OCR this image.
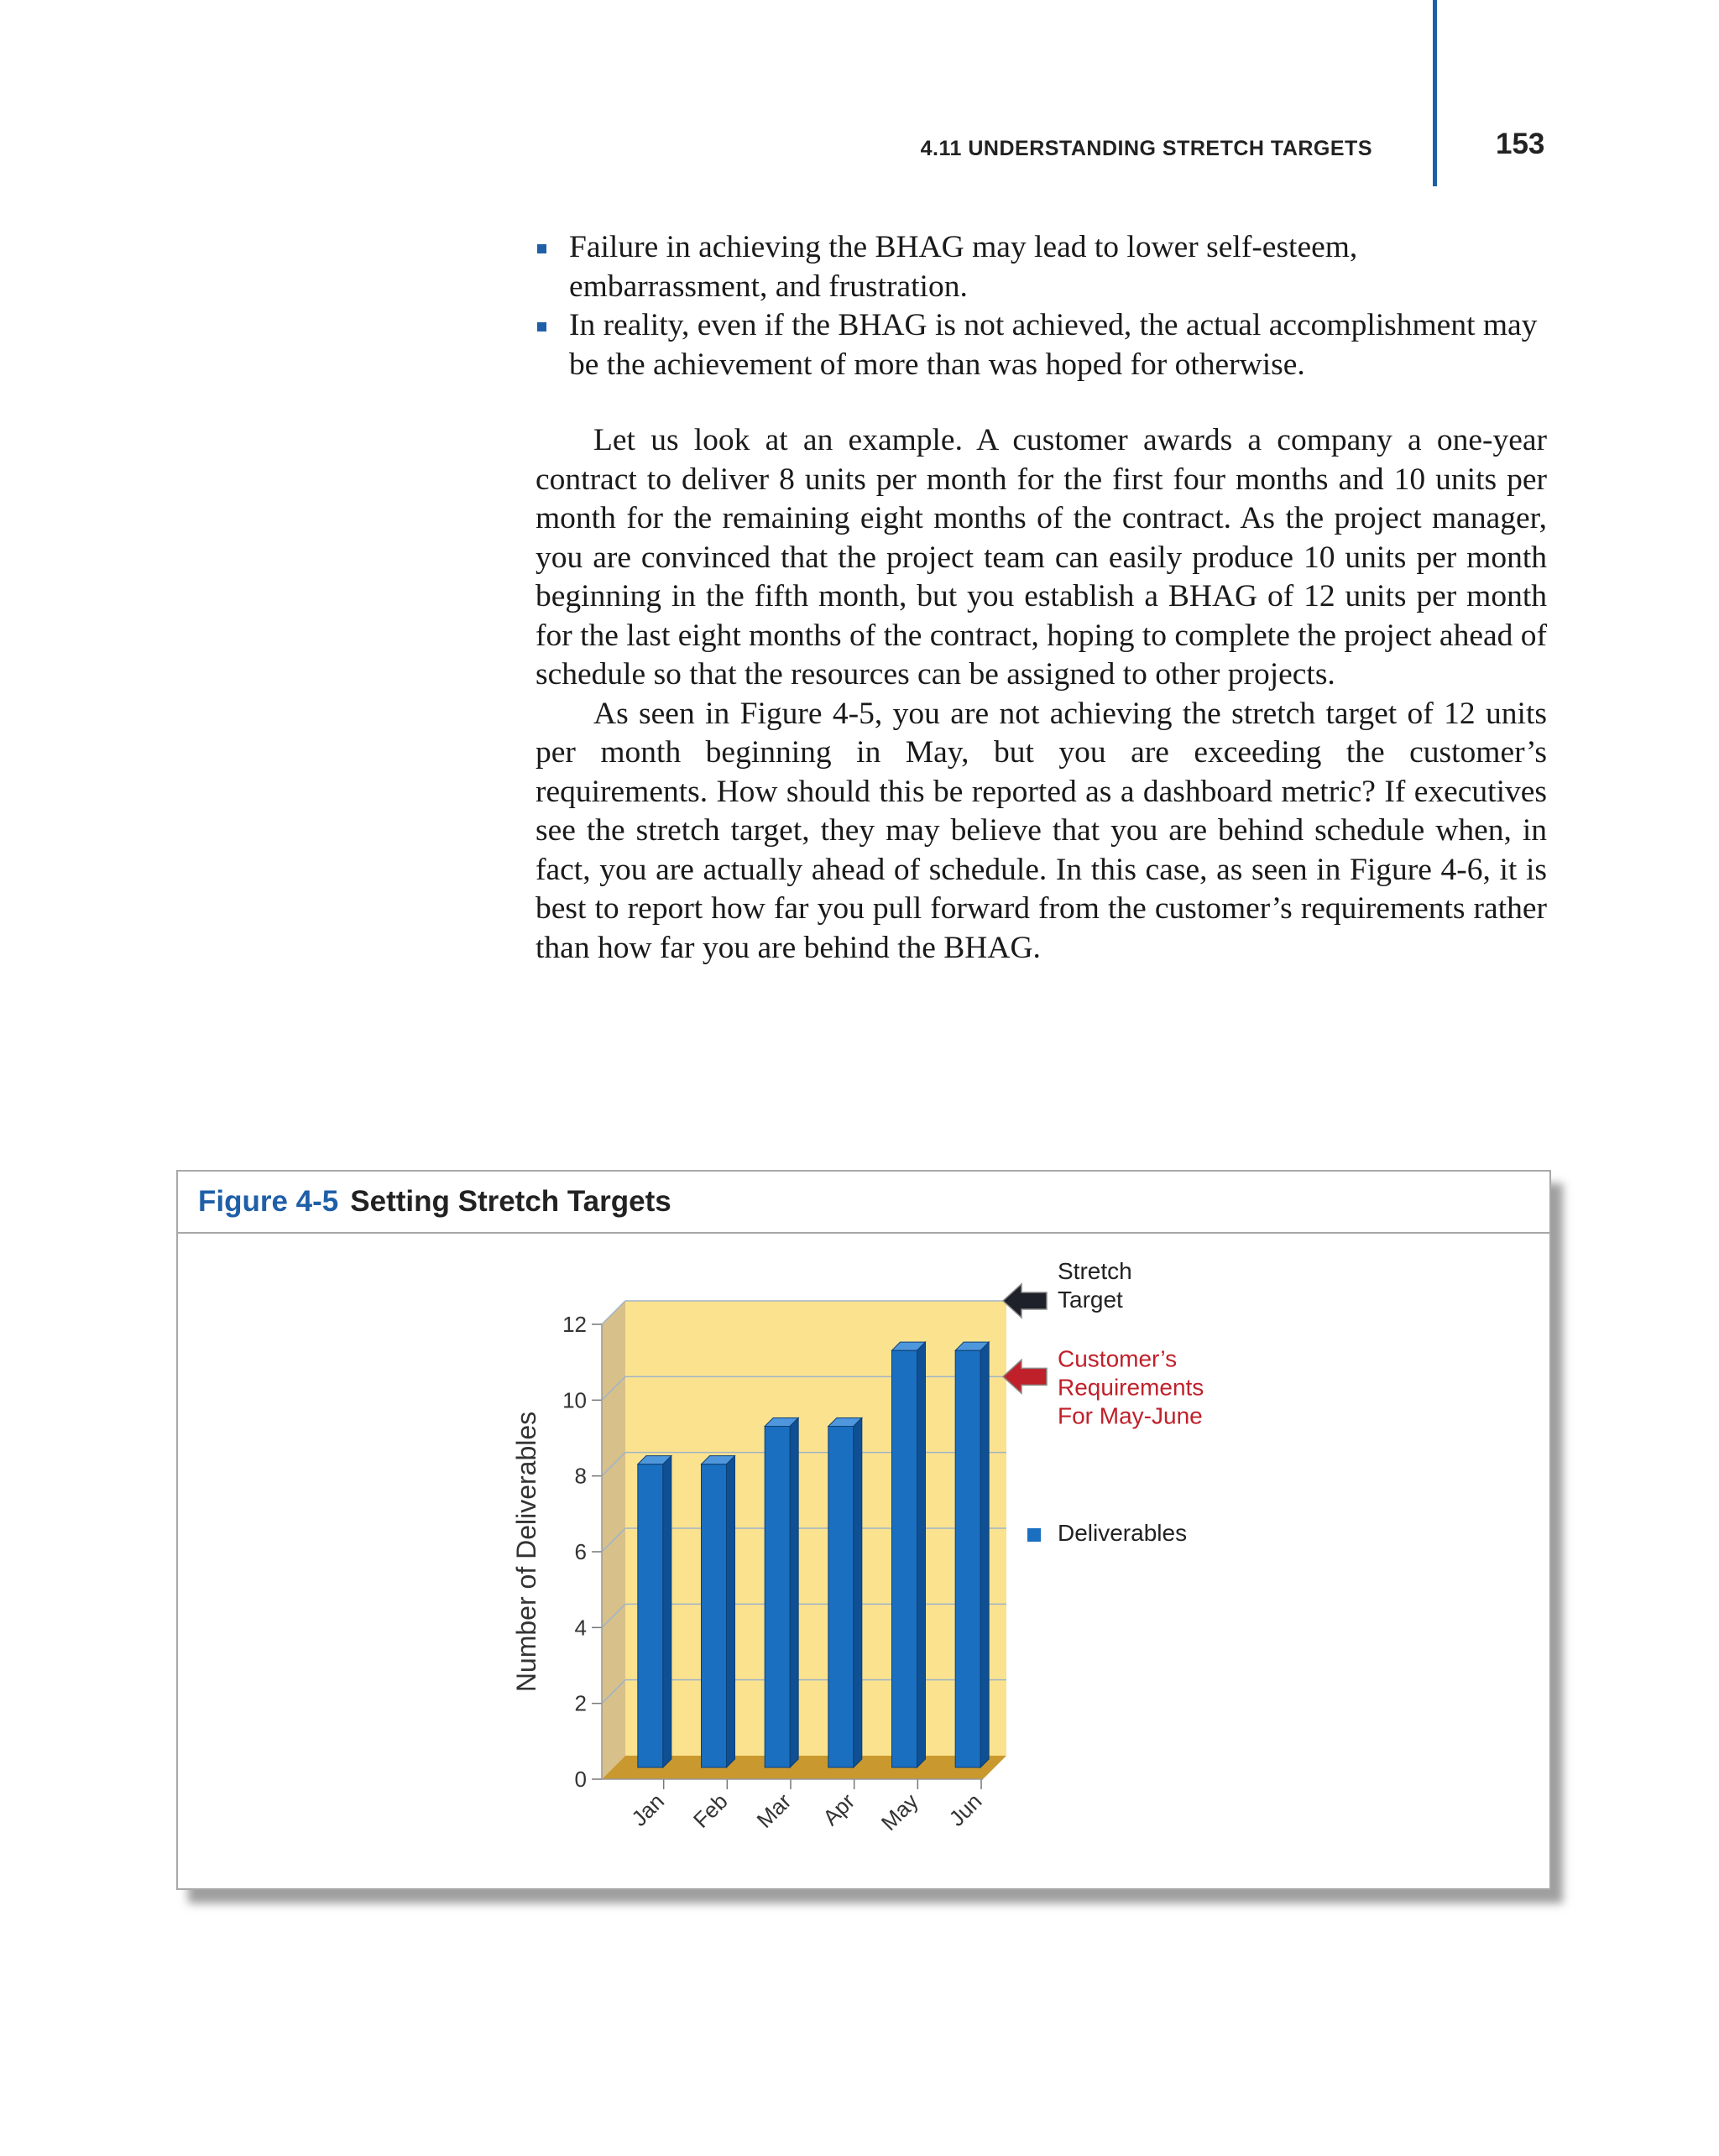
4.11 UNDERSTANDING STRETCH TARGETS	153
Failure in achieving the BHAG may lead to lower self-esteem, embarrassment, and frustration.
In reality, even if the BHAG is not achieved, the actual accomplishment may be the achievement of more than was hoped for otherwise.

Let us look at an example. A customer awards a company a one-year contract to deliver 8 units per month for the first four months and 10 units per month for the remaining eight months of the contract. As the project manager, you are convinced that the project team can easily produce 10 units per month beginning in the fifth month, but you establish a BHAG of 12 units per month for the last eight months of the contract, hoping to complete the project ahead of schedule so that the resources can be assigned to other projects.

As seen in Figure 4-5, you are not achieving the stretch target of 12 units per month beginning in May, but you are exceeding the customer’s requirements. How should this be reported as a dashboard metric? If executives see the stretch target, they may believe that you are behind schedule when, in fact, you are actually ahead of schedule. In this case, as seen in Figure 4-6, it is best to report how far you pull forward from the customer’s requirements rather than how far you are behind the BHAG.

Figure 4-5 Setting Stretch Targets
0
2
4
6
8
10
12
Number of Deliverables
Jan Feb Mar Apr May Jun
Stretch
Target
Customer’s
Requirements
For May-June
Deliverables
